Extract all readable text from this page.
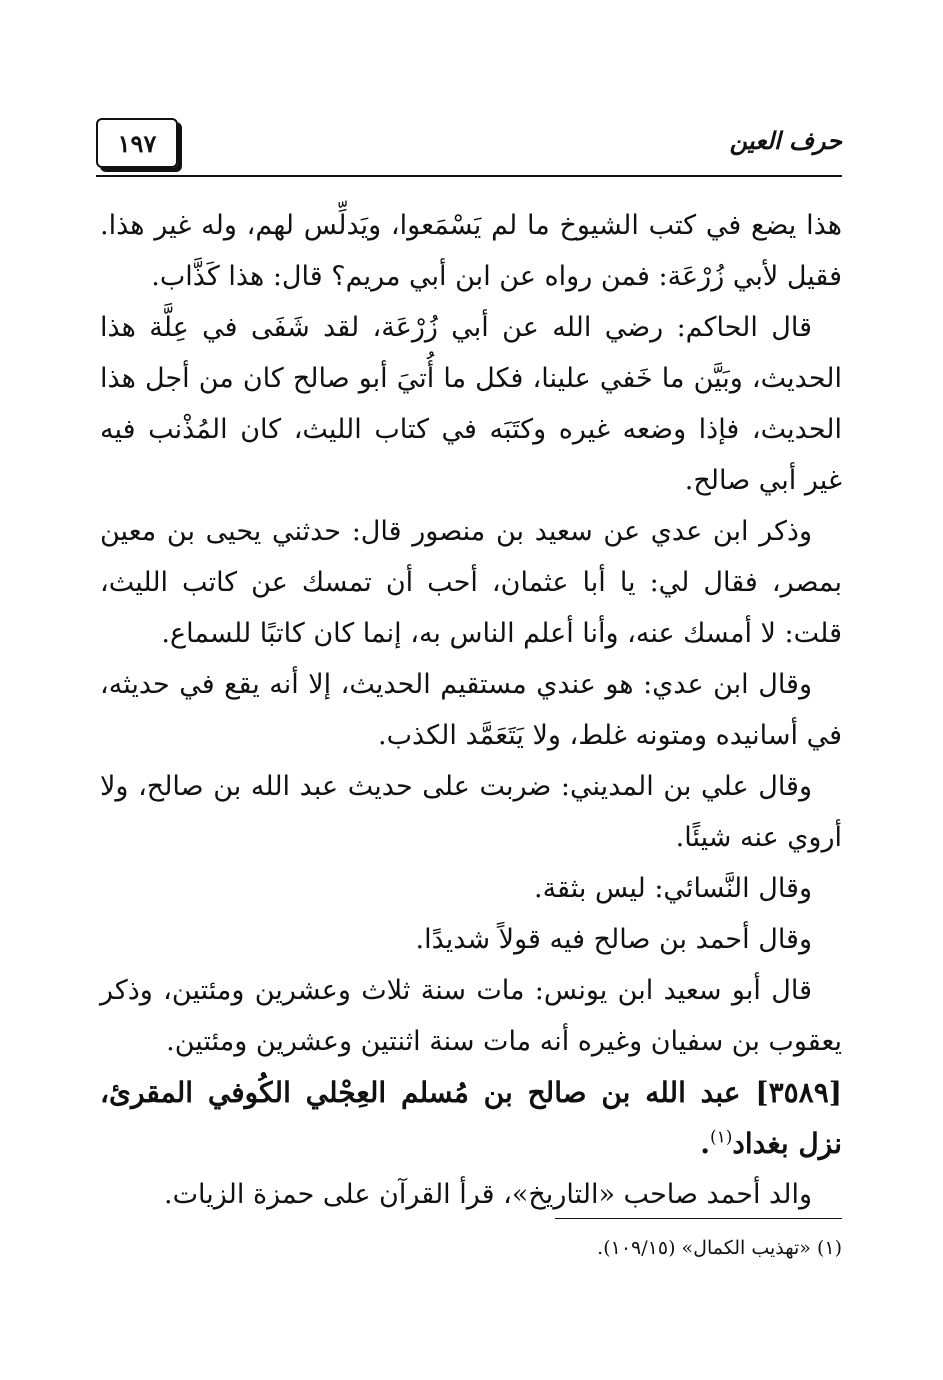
١٩٧	حرف العين

هذا يضع في كتب الشيوخ ما لم يَسْمَعوا، ويَدلِّس لهم، وله غير هذا. فقيل لأبي زُرْعَة: فمن رواه عن ابن أبي مريم؟ قال: هذا كَذَّاب.

قال الحاكم: رضي الله عن أبي زُرْعَة، لقد شَفَى في عِلَّة هذا الحديث، وبَيَّن ما خَفي علينا، فكل ما أُتيَ أبو صالح كان من أجل هذا الحديث، فإذا وضعه غيره وكتَبَه في كتاب الليث، كان المُذْنب فيه غير أبي صالح.

وذكر ابن عدي عن سعيد بن منصور قال: حدثني يحيى بن معين بمصر، فقال لي: يا أبا عثمان، أحب أن تمسك عن كاتب الليث، قلت: لا أمسك عنه، وأنا أعلم الناس به، إنما كان كاتبًا للسماع.

وقال ابن عدي: هو عندي مستقيم الحديث، إلا أنه يقع في حديثه، في أسانيده ومتونه غلط، ولا يَتَعَمَّد الكذب.

وقال علي بن المديني: ضربت على حديث عبد الله بن صالح، ولا أروي عنه شيئًا.

وقال النَّسائي: ليس بثقة.

وقال أحمد بن صالح فيه قولاً شديدًا.

قال أبو سعيد ابن يونس: مات سنة ثلاث وعشرين ومئتين، وذكر يعقوب بن سفيان وغيره أنه مات سنة اثنتين وعشرين ومئتين.

[٣٥٨٩] عبد الله بن صالح بن مُسلم العِجْلي الكُوفي المقرئ، نزل بغداد$^{(١)}$.

والد أحمد صاحب «التاريخ»، قرأ القرآن على حمزة الزيات.

(١) «تهذيب الكمال» (١٠٩/١٥).
